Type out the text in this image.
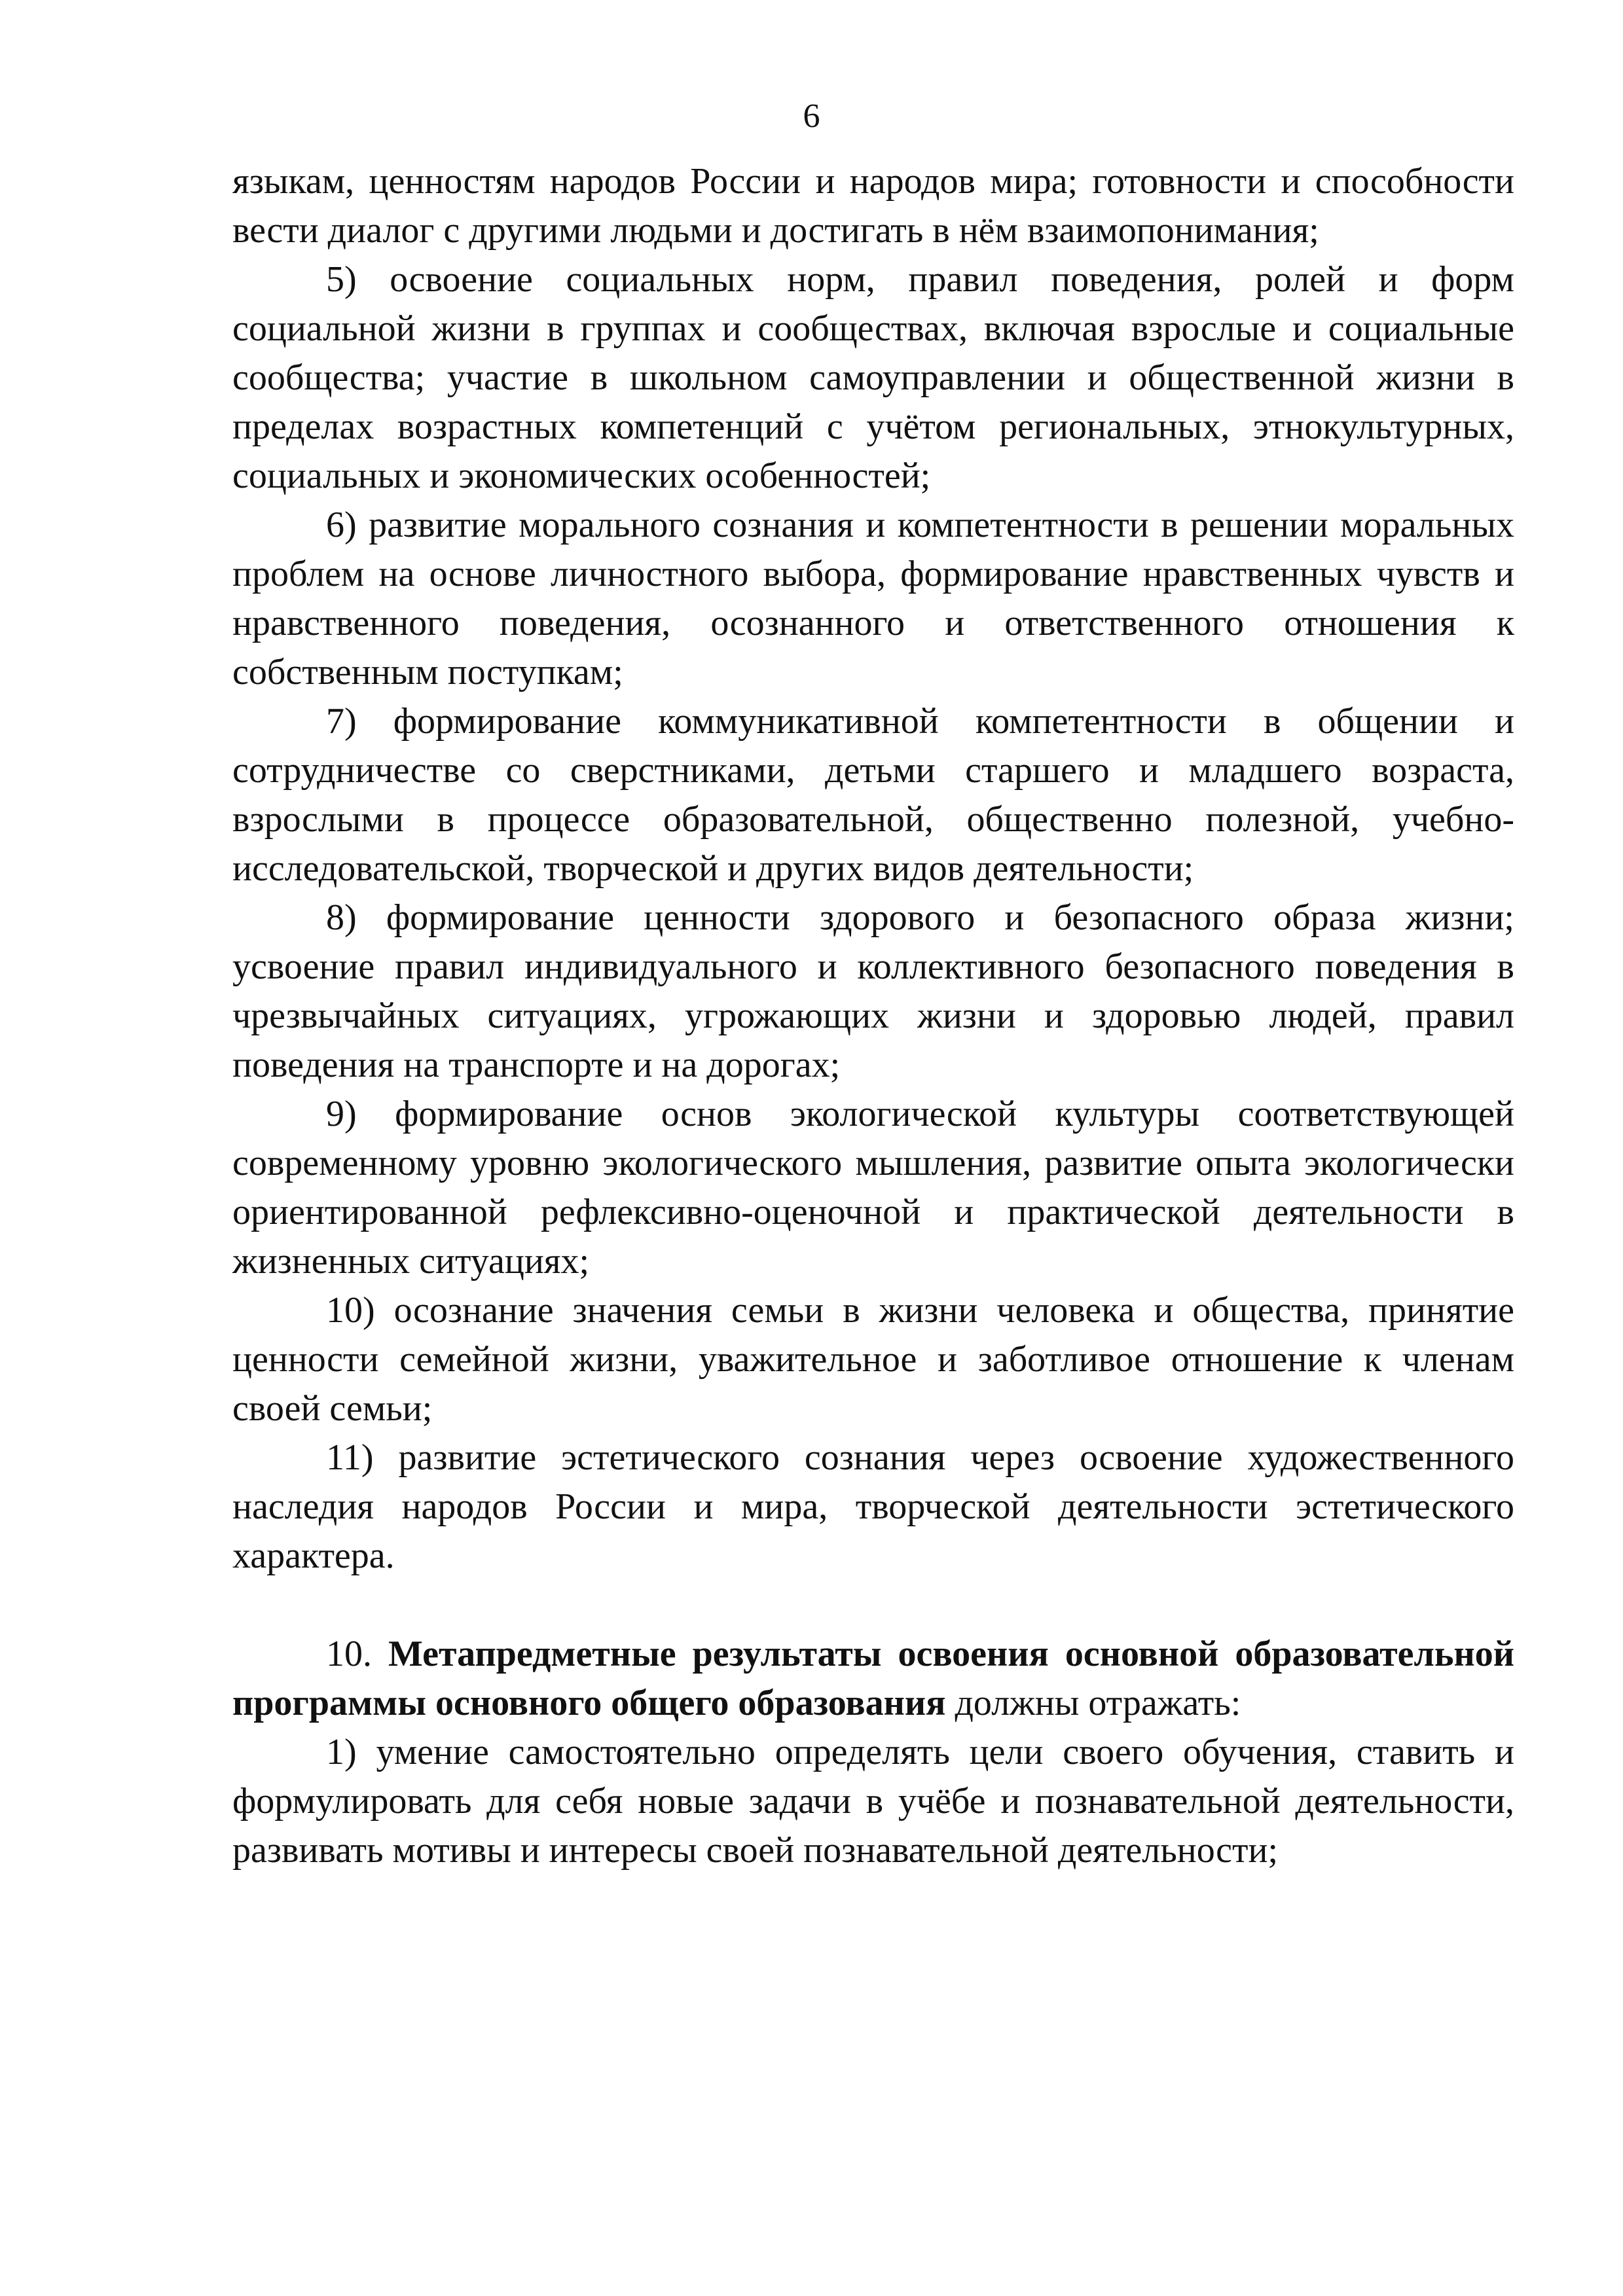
6

языкам, ценностям народов России и народов мира; готовности и способности вести диалог с другими людьми и достигать в нём взаимопонимания;

5) освоение социальных норм, правил поведения, ролей и форм социальной жизни в группах и сообществах, включая взрослые и социальные сообщества; участие в школьном самоуправлении и общественной жизни в пределах возрастных компетенций с учётом региональных, этнокультурных, социальных и экономических особенностей;

6) развитие морального сознания и компетентности в решении моральных проблем на основе личностного выбора, формирование нравственных чувств и нравственного поведения, осознанного и ответственного отношения к собственным поступкам;

7) формирование коммуникативной компетентности в общении и сотрудничестве со сверстниками, детьми старшего и младшего возраста, взрослыми в процессе образовательной, общественно полезной, учебно-исследовательской, творческой и других видов деятельности;

8) формирование ценности здорового и безопасного образа жизни; усвоение правил индивидуального и коллективного безопасного поведения в чрезвычайных ситуациях, угрожающих жизни и здоровью людей, правил поведения на транспорте и на дорогах;

9) формирование основ экологической культуры соответствующей современному уровню экологического мышления, развитие опыта экологически ориентированной рефлексивно-оценочной и практической деятельности в жизненных ситуациях;

10) осознание значения семьи в жизни человека и общества, принятие ценности семейной жизни, уважительное и заботливое отношение к членам своей семьи;

11) развитие эстетического сознания через освоение художественного наследия народов России и мира, творческой деятельности эстетического характера.

10. Метапредметные результаты освоения основной образовательной программы основного общего образования должны отражать:

1) умение самостоятельно определять цели своего обучения, ставить и формулировать для себя новые задачи в учёбе и познавательной деятельности, развивать мотивы и интересы своей познавательной деятельности;
